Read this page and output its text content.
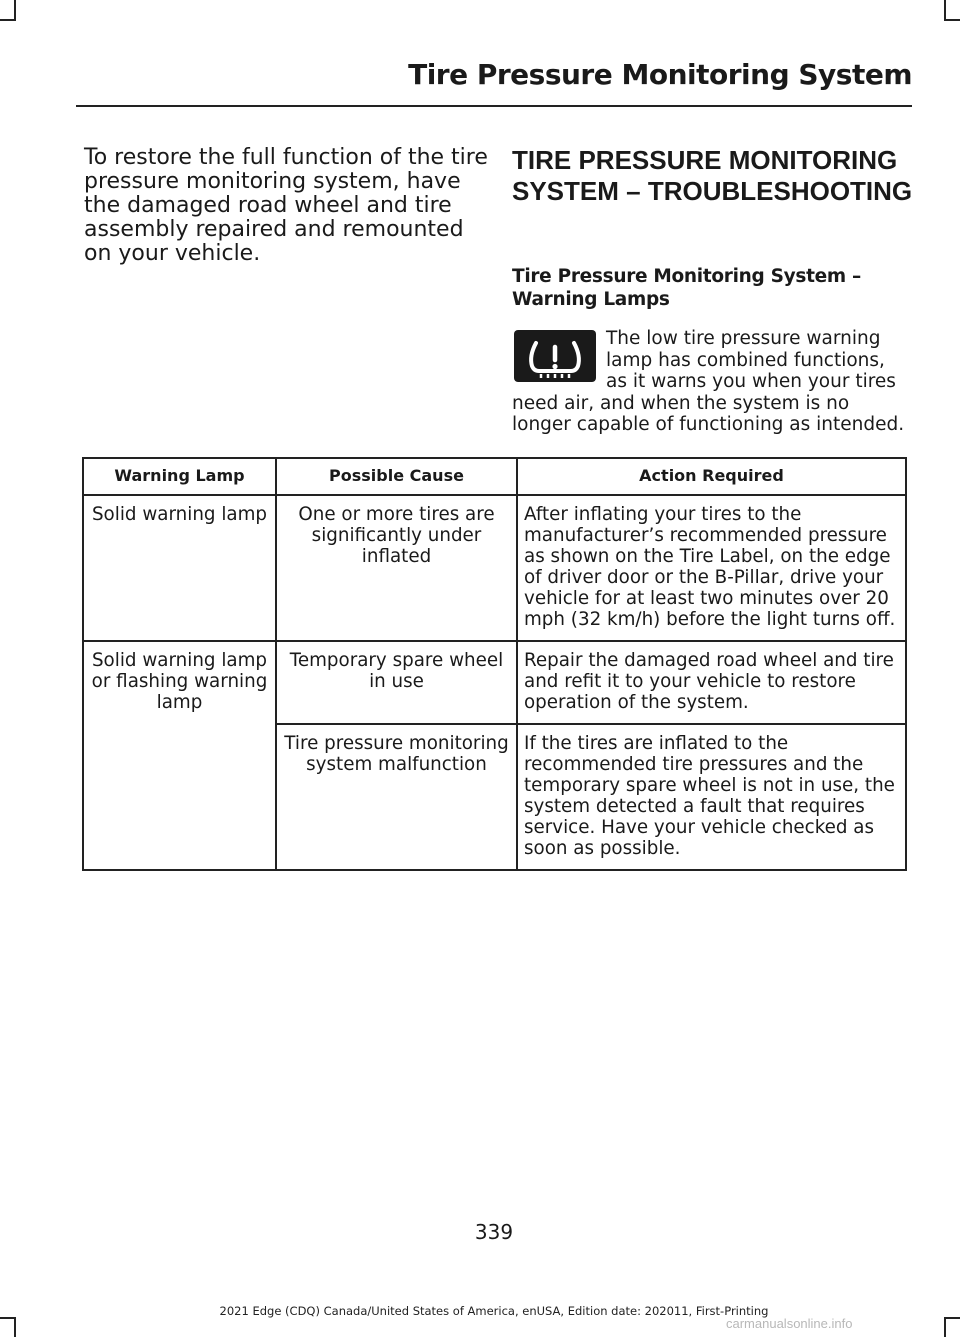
Tire Pressure Monitoring System
To restore the full function of the tire pressure monitoring system, have the damaged road wheel and tire assembly repaired and remounted on your vehicle.
TIRE PRESSURE MONITORING SYSTEM – TROUBLESHOOTING
Tire Pressure Monitoring System – Warning Lamps
The low tire pressure warning lamp has combined functions, as it warns you when your tires need air, and when the system is no longer capable of functioning as intended.
Warning Lamp	Possible Cause	Action Required
Solid warning lamp	One or more tires are significantly under inflated	After inflating your tires to the manufacturer’s recommended pressure as shown on the Tire Label, on the edge of driver door or the B-Pillar, drive your vehicle for at least two minutes over 20 mph (32 km/h) before the light turns off.
Solid warning lamp or flashing warning lamp	Temporary spare wheel in use	Repair the damaged road wheel and tire and refit it to your vehicle to restore operation of the system.
	Tire pressure monitoring system malfunction	If the tires are inflated to the recommended tire pressures and the temporary spare wheel is not in use, the system detected a fault that requires service. Have your vehicle checked as soon as possible.
339
2021 Edge (CDQ) Canada/United States of America, enUSA, Edition date: 202011, First-Printing
carmanualsonline.info
